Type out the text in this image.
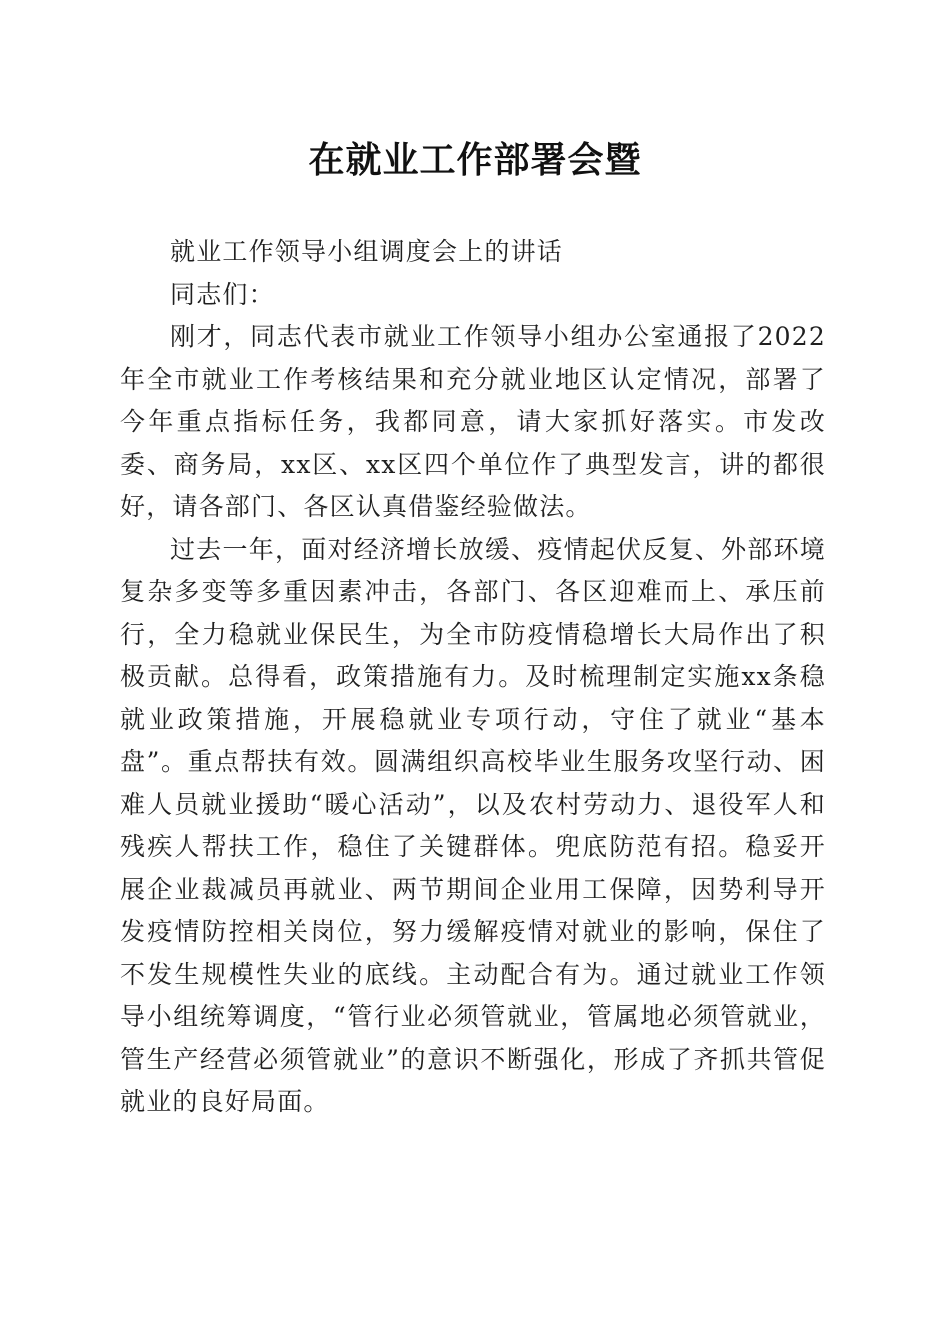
在就业工作部署会暨

就业工作领导小组调度会上的讲话

同志们：

刚才，同志代表市就业工作领导小组办公室通报了2022年全市就业工作考核结果和充分就业地区认定情况，部署了今年重点指标任务，我都同意，请大家抓好落实。市发改委、商务局，xx区、xx区四个单位作了典型发言，讲的都很好，请各部门、各区认真借鉴经验做法。

过去一年，面对经济增长放缓、疫情起伏反复、外部环境复杂多变等多重因素冲击，各部门、各区迎难而上、承压前行，全力稳就业保民生，为全市防疫情稳增长大局作出了积极贡献。总得看，政策措施有力。及时梳理制定实施xx条稳就业政策措施，开展稳就业专项行动，守住了就业“基本盘”。重点帮扶有效。圆满组织高校毕业生服务攻坚行动、困难人员就业援助“暖心活动”，以及农村劳动力、退役军人和残疾人帮扶工作，稳住了关键群体。兜底防范有招。稳妥开展企业裁减员再就业、两节期间企业用工保障，因势利导开发疫情防控相关岗位，努力缓解疫情对就业的影响，保住了不发生规模性失业的底线。主动配合有为。通过就业工作领导小组统筹调度，“管行业必须管就业，管属地必须管就业，管生产经营必须管就业”的意识不断强化，形成了齐抓共管促就业的良好局面。
